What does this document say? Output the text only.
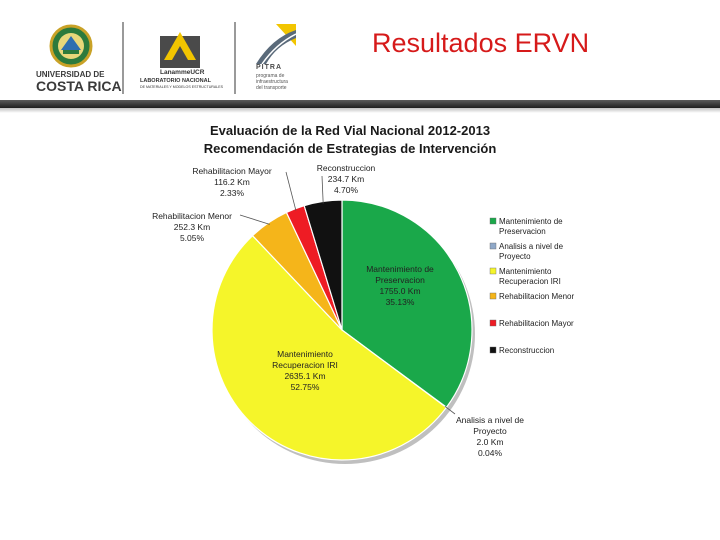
UNIVERSIDAD DE
COSTA RICA
LanammeUCR
LABORATORIO NACIONAL
DE MATERIALES Y MODELOS ESTRUCTURALES
PITRA
programa de
infraestructura
del transporte
Resultados ERVN
Evaluación de la Red Vial Nacional 2012-2013
Recomendación de Estrategias de Intervención
Mantenimiento de Preservacion 1755.0 Km 35.13%
Analisis a nivel de Proyecto 2.0 Km 0.04%
Mantenimiento Recuperacion IRI 2635.1 Km 52.75%
Rehabilitacion Menor 252.3 Km 5.05%
Rehabilitacion Mayor 116.2 Km 2.33%
Reconstruccion 234.7 Km 4.70%
Mantenimiento de Preservacion
Analisis a nivel de Proyecto
Mantenimiento Recuperacion IRI
Rehabilitacion Menor
Rehabilitacion Mayor
Reconstruccion
